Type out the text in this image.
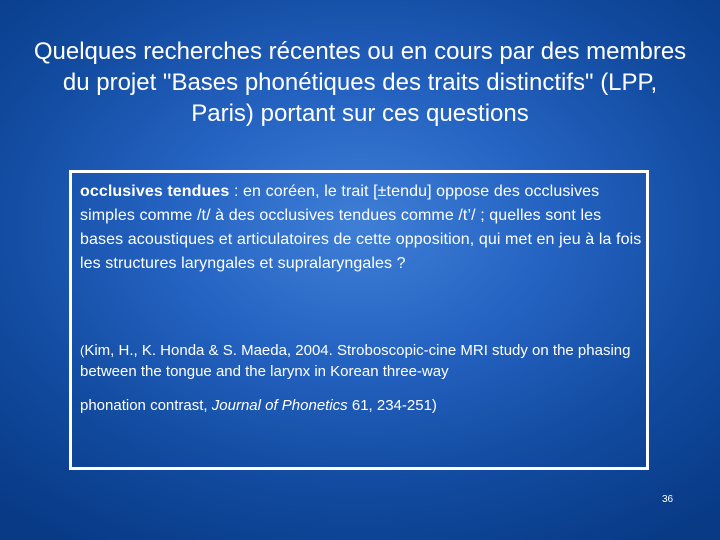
Quelques recherches récentes ou en cours par des membres du projet "Bases phonétiques des traits distinctifs" (LPP, Paris) portant sur ces questions

occlusives tendues : en coréen, le trait [±tendu] oppose des occlusives simples comme /t/ à des occlusives tendues comme /t’/ ; quelles sont les bases acoustiques et articulatoires de cette opposition, qui met en jeu à la fois les structures laryngales et supralaryngales ?

(Kim, H., K. Honda & S. Maeda, 2004. Stroboscopic-cine MRI study on the phasing between the tongue and the larynx in Korean three-way
phonation contrast, Journal of Phonetics 61, 234-251)

36
